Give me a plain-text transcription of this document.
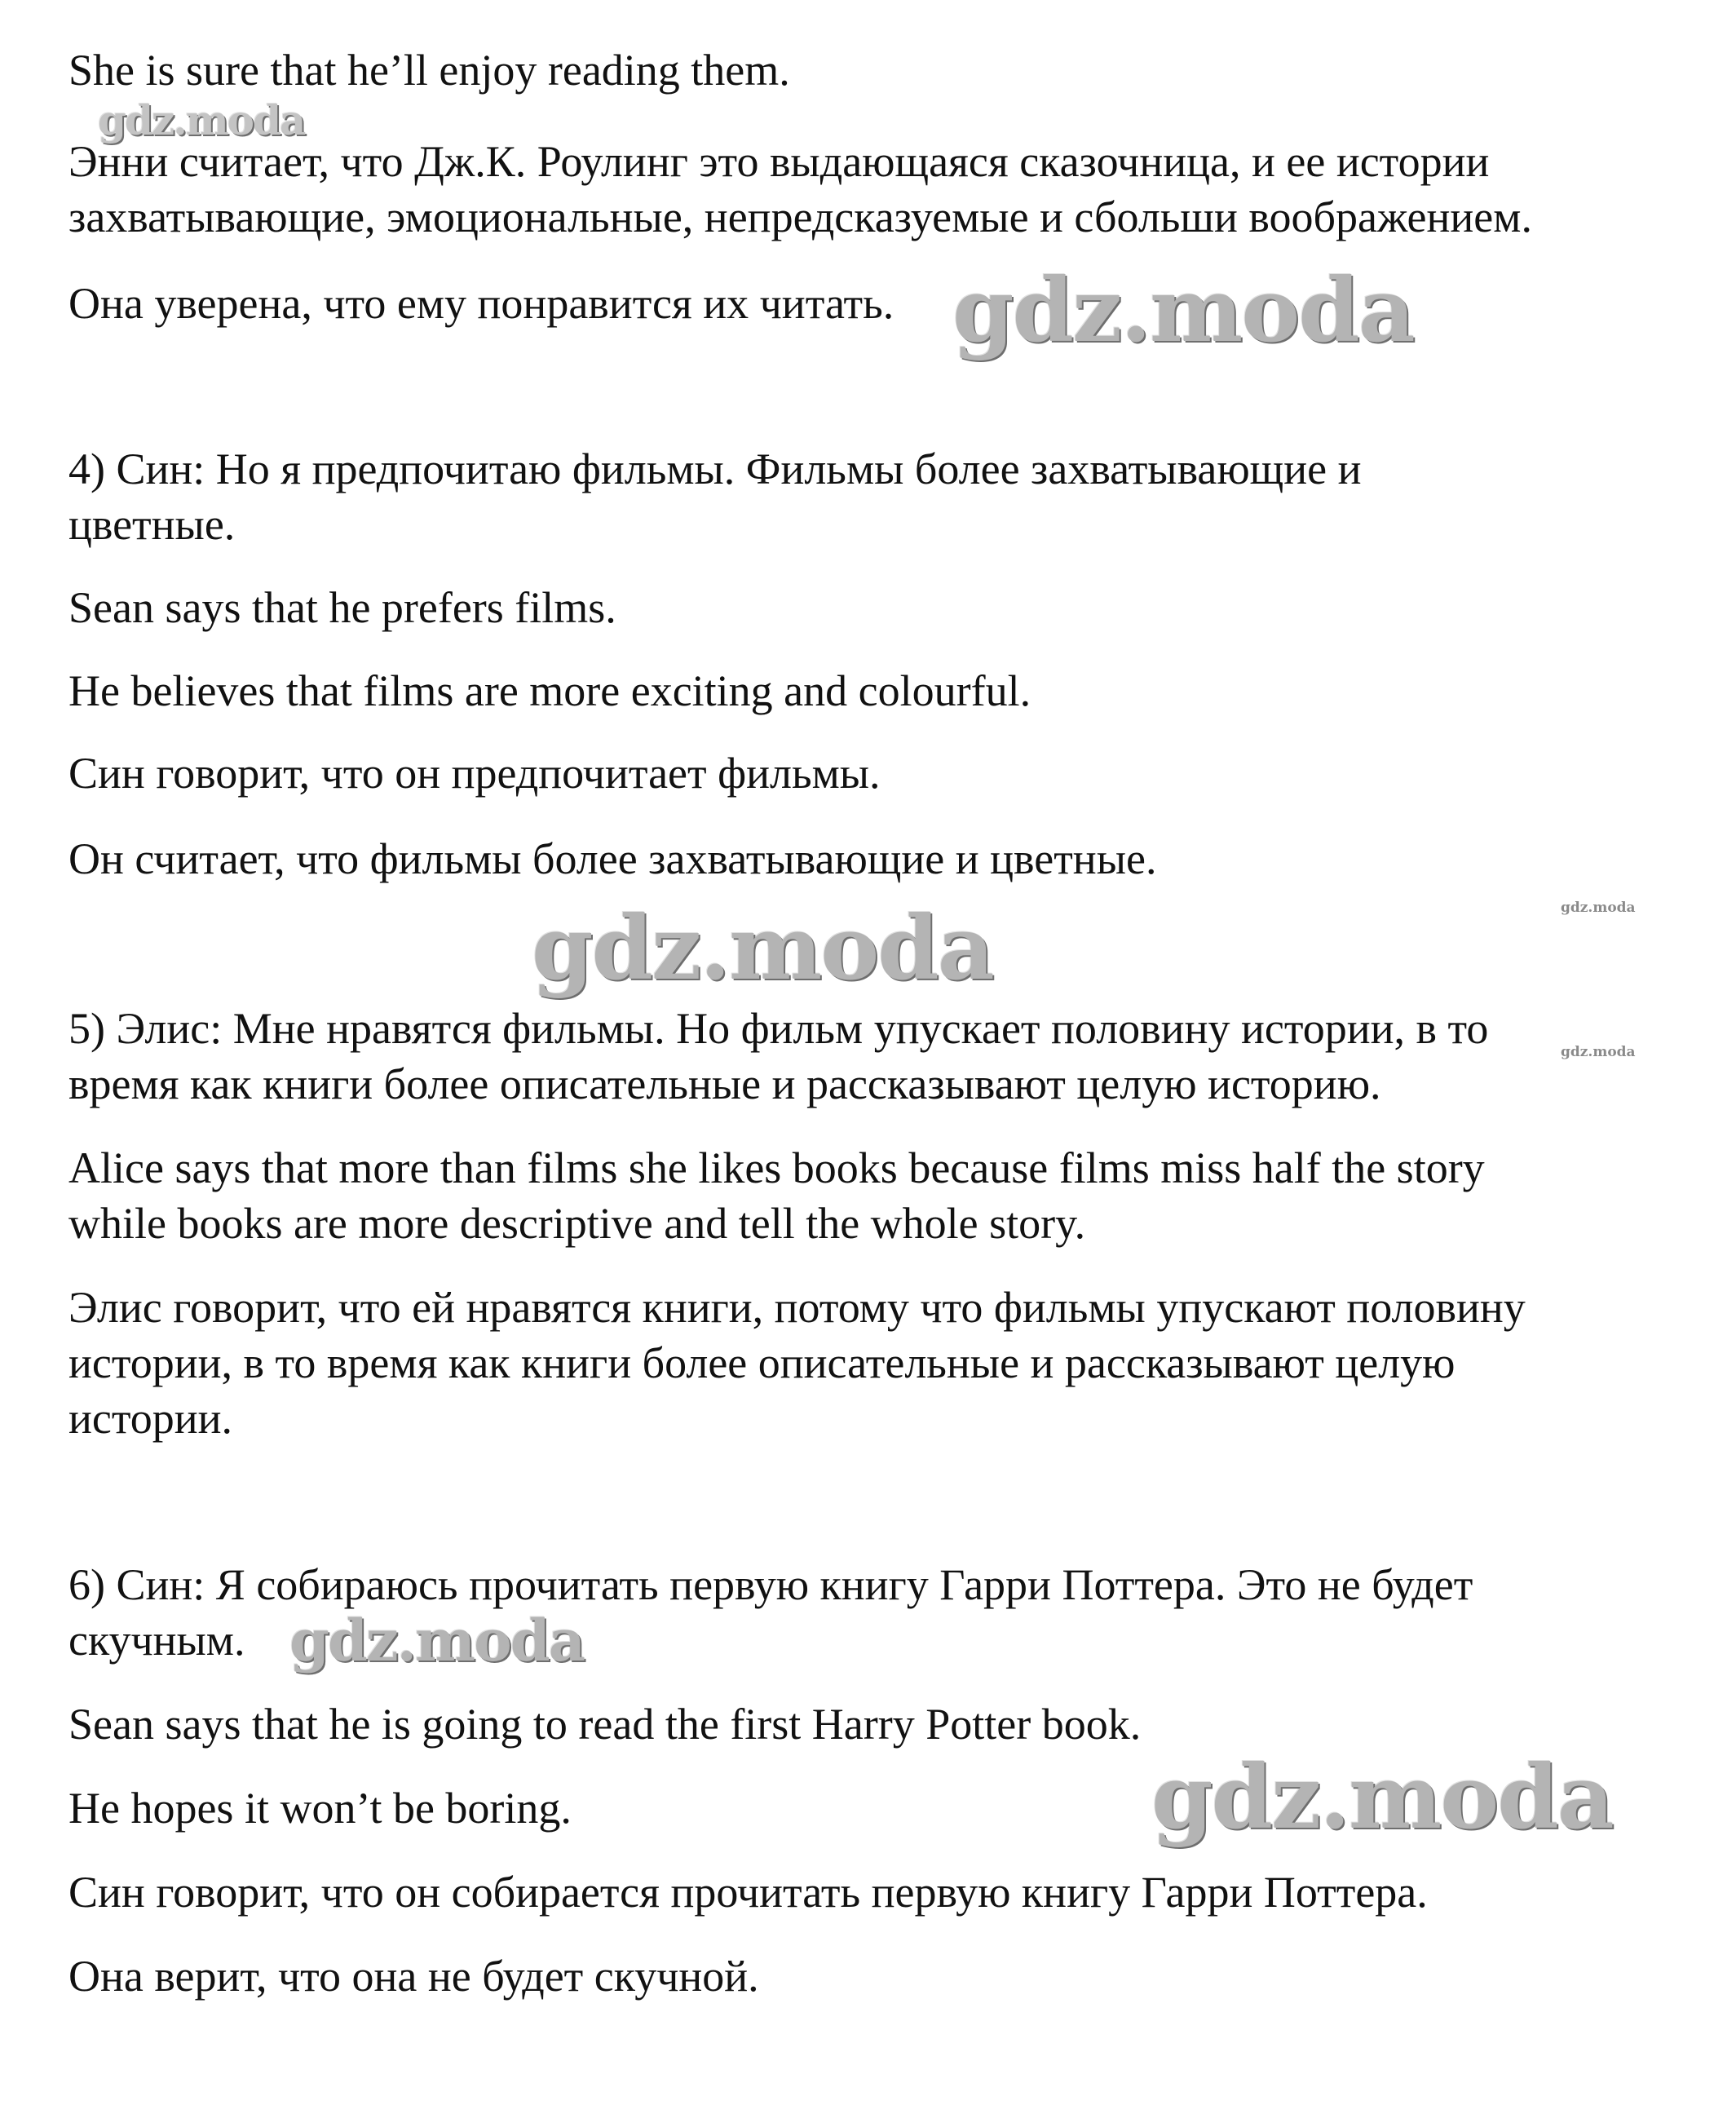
She is sure that he’ll enjoy reading them.

Энни считает, что Дж.К. Роулинг это выдающаяся сказочница, и ее истории

захватывающие, эмоциональные, непредсказуемые и сбольши воображением.

Она уверена, что ему понравится их читать.

4) Син: Но я предпочитаю фильмы. Фильмы более захватывающие и

цветные.

Sean says that he prefers films.

He believes that films are more exciting and colourful.

Син говорит, что он предпочитает фильмы.

Он считает, что фильмы более захватывающие и цветные.

5) Элис: Мне нравятся фильмы. Но фильм упускает половину истории, в то

время как книги более описательные и рассказывают целую историю.

Alice says that more than films she likes books because films miss half the story

while books are more descriptive and tell the whole story.

Элис говорит, что ей нравятся книги, потому что фильмы упускают половину

истории, в то время как книги более описательные и рассказывают целую

истории.

6) Син: Я собираюсь прочитать первую книгу Гарри Поттера. Это не будет

скучным.

Sean says that he is going to read the first Harry Potter book.

He hopes it won’t be boring.

Син говорит, что он собирается прочитать первую книгу Гарри Поттера.

Она верит, что она не будет скучной.

gdz.moda

gdz.moda

gdz.moda

gdz.moda

gdz.moda

gdz.moda

gdz.moda
